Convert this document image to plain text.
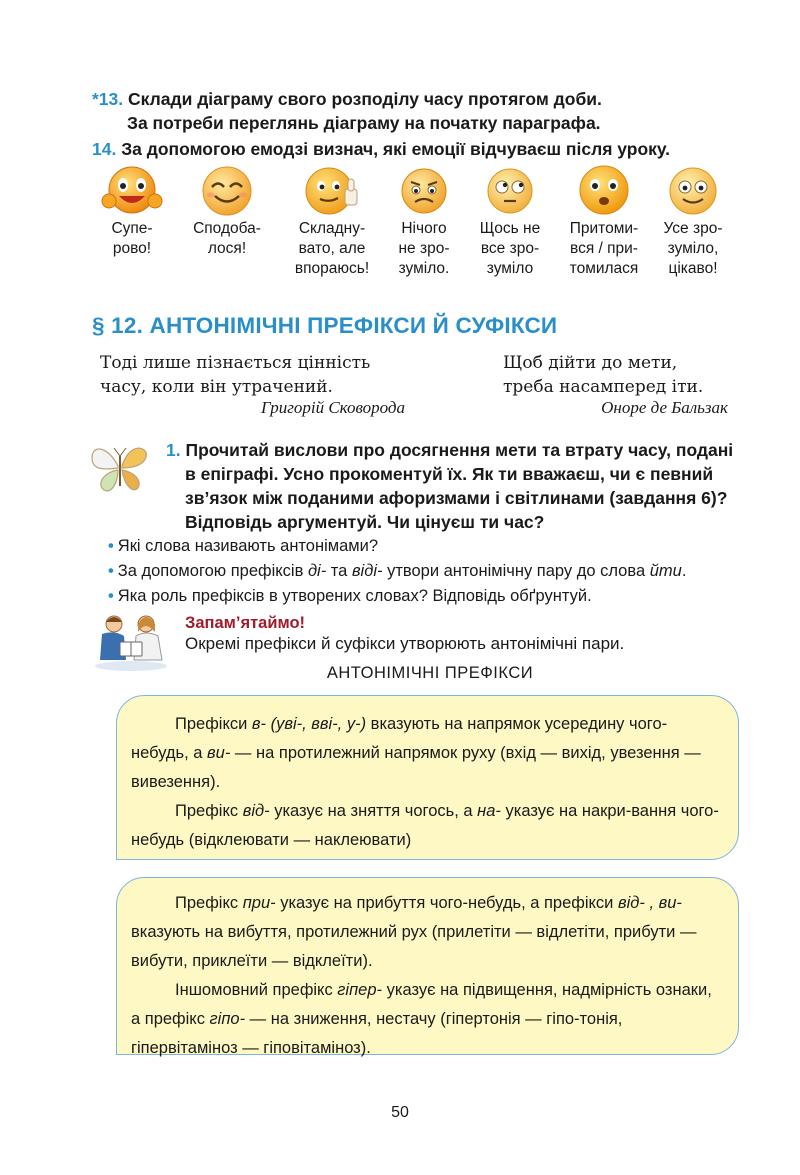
*13. Склади діаграму свого розподілу часу протягом доби.
За потреби переглянь діаграму на початку параграфа.
14. За допомогою емодзі визнач, які емоції відчуваєш після уроку.
Супе-
рово!
Сподоба-
лося!
Складну-
вато, але
впораюсь!
Нічого
не зро-
зуміло.
Щось не
все зро-
зуміло
Притоми-
вся / при-
томилася
Усе зро-
зуміло,
цікаво!
§ 12. АНТОНІМІЧНІ ПРЕФІКСИ Й СУФІКСИ
Тоді лише пізнається цінність
часу, коли він утрачений.
Григорій Сковорода
Щоб дійти до мети,
треба насамперед іти.
Оноре де Бальзак
1. Прочитай вислови про досягнення мети та втрату часу, подані
в епіграфі. Усно прокоментуй їх. Як ти вважаєш, чи є певний
зв’язок між поданими афоризмами і світлинами (завдання 6)?
Відповідь аргументуй. Чи цінуєш ти час?
• Які слова називають антонімами?
• За допомогою префіксів ді- та віді- утвори антонімічну пару до слова йти.
• Яка роль префіксів в утворених словах? Відповідь обґрунтуй.
Запам’ятаймо!
Окремі префікси й суфікси утворюють антонімічні пари.
АНТОНІМІЧНІ ПРЕФІКСИ

Префікси в- (уві-, вві-, у-) вказують на напрямок усередину чого-небудь, а ви- — на протилежний напрямок руху (вхід — вихід, увезення — вивезення).

Префікс від- указує на зняття чогось, а на- указує на накри-вання чого-небудь (відклеювати — наклеювати)

Префікс при- указує на прибуття чого-небудь, а префікси від- , ви- вказують на вибуття, протилежний рух (прилетіти — відлетіти, прибути — вибути, приклеїти — відклеїти).

Іншомовний префікс гіпер- указує на підвищення, надмірність ознаки, а префікс гіпо- — на зниження, нестачу (гіпертонія — гіпо-тонія, гіпервітаміноз — гіповітаміноз).

50
